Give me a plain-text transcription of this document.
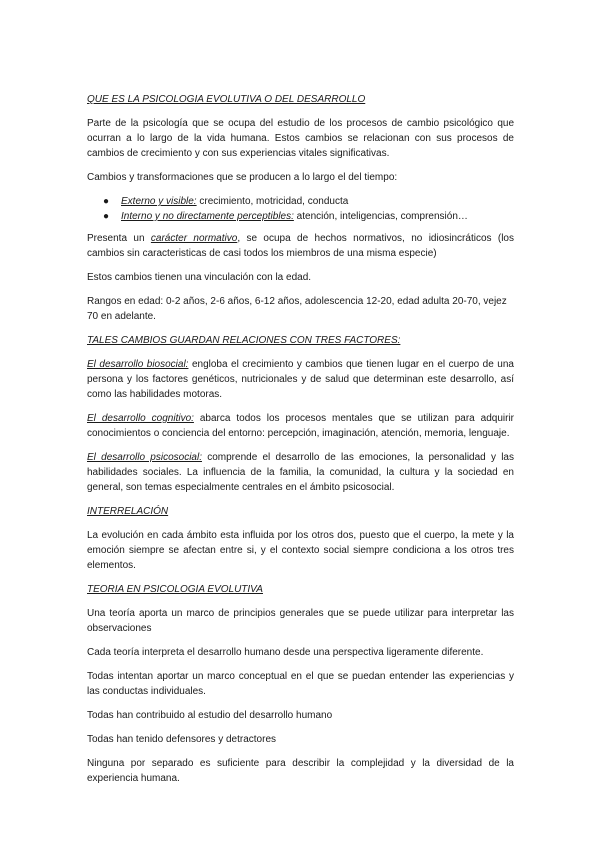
QUE ES LA PSICOLOGIA EVOLUTIVA O DEL DESARROLLO

Parte de la psicología que se ocupa del estudio de los procesos de cambio psicológico que ocurran a lo largo de la vida humana. Estos cambios se relacionan con sus procesos de cambios de crecimiento y con sus experiencias vitales significativas.

Cambios y transformaciones que se producen a lo largo el del tiempo:

● Externo y visible: crecimiento, motricidad, conducta
● Interno y no directamente perceptibles: atención, inteligencias, comprensión…

Presenta un carácter normativo, se ocupa de hechos normativos, no idiosincráticos (los cambios sin caracteristicas de casi todos los miembros de una misma especie)

Estos cambios tienen una vinculación con la edad.

Rangos en edad: 0-2 años, 2-6 años, 6-12 años, adolescencia 12-20, edad adulta 20-70, vejez 70 en adelante.

TALES CAMBIOS GUARDAN RELACIONES CON TRES FACTORES:

El desarrollo biosocial: engloba el crecimiento y cambios que tienen lugar en el cuerpo de una persona y los factores genéticos, nutricionales y de salud que determinan este desarrollo, así como las habilidades motoras.

El desarrollo cognitivo: abarca todos los procesos mentales que se utilizan para adquirir conocimientos o conciencia del entorno: percepción, imaginación, atención, memoria, lenguaje.

El desarrollo psicosocial: comprende el desarrollo de las emociones, la personalidad y las habilidades sociales. La influencia de la familia, la comunidad, la cultura y la sociedad en general, son temas especialmente centrales en el ámbito psicosocial.

INTERRELACIÓN

La evolución en cada ámbito esta influida por los otros dos, puesto que el cuerpo, la mete y la emoción siempre se afectan entre si, y el contexto social siempre condiciona a los otros tres elementos.

TEORIA EN PSICOLOGIA EVOLUTIVA

Una teoría aporta un marco de principios generales que se puede utilizar para interpretar las observaciones

Cada teoría interpreta el desarrollo humano desde una perspectiva ligeramente diferente.

Todas intentan aportar un marco conceptual en el que se puedan entender las experiencias y las conductas individuales.

Todas han contribuido al estudio del desarrollo humano

Todas han tenido defensores y detractores

Ninguna por separado es suficiente para describir la complejidad y la diversidad de la experiencia humana.
